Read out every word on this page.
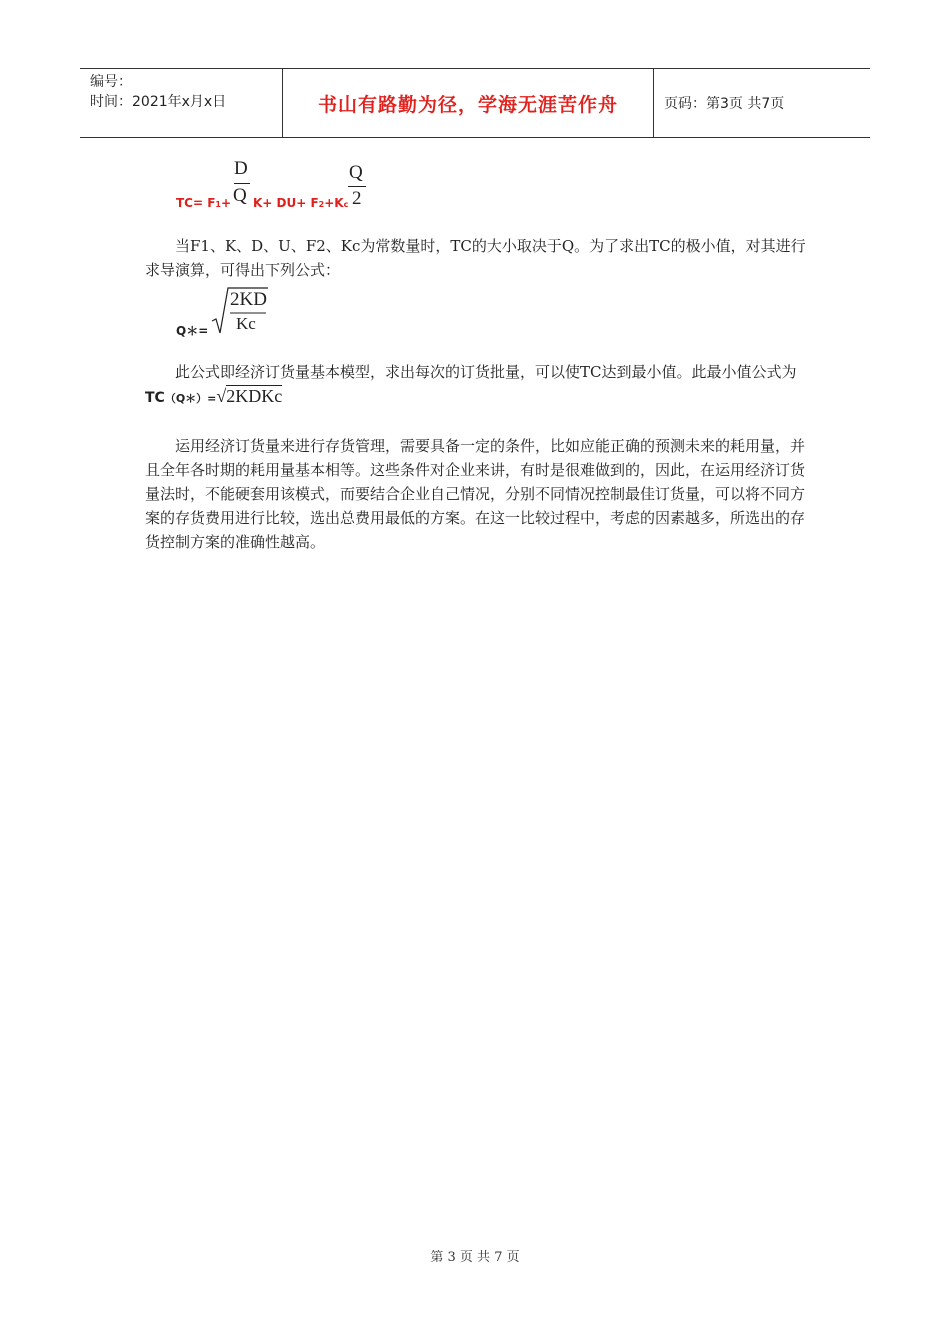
编号：
时间：2021年x月x日	书山有路勤为径，学海无涯苦作舟	页码：第3页 共7页
TC= F1+
D
Q K+ DU+ F2+Kc
Q
2
当F1、K、D、U、F2、Kc为常数量时，TC的大小取决于Q。为了求出TC的极小值，对其进行求导演算，可得出下列公式：
Q＊=
2KD
Kc
此公式即经济订货量基本模型，求出每次的订货批量，可以使TC达到最小值。此最小值公式为TC（Q＊）=√2KDKc
运用经济订货量来进行存货管理，需要具备一定的条件，比如应能正确的预测未来的耗用量，并且全年各时期的耗用量基本相等。这些条件对企业来讲，有时是很难做到的，因此，在运用经济订货量法时，不能硬套用该模式，而要结合企业自己情况，分别不同情况控制最佳订货量，可以将不同方案的存货费用进行比较，选出总费用最低的方案。在这一比较过程中，考虑的因素越多，所选出的存货控制方案的准确性越高。
第 3 页 共 7 页
